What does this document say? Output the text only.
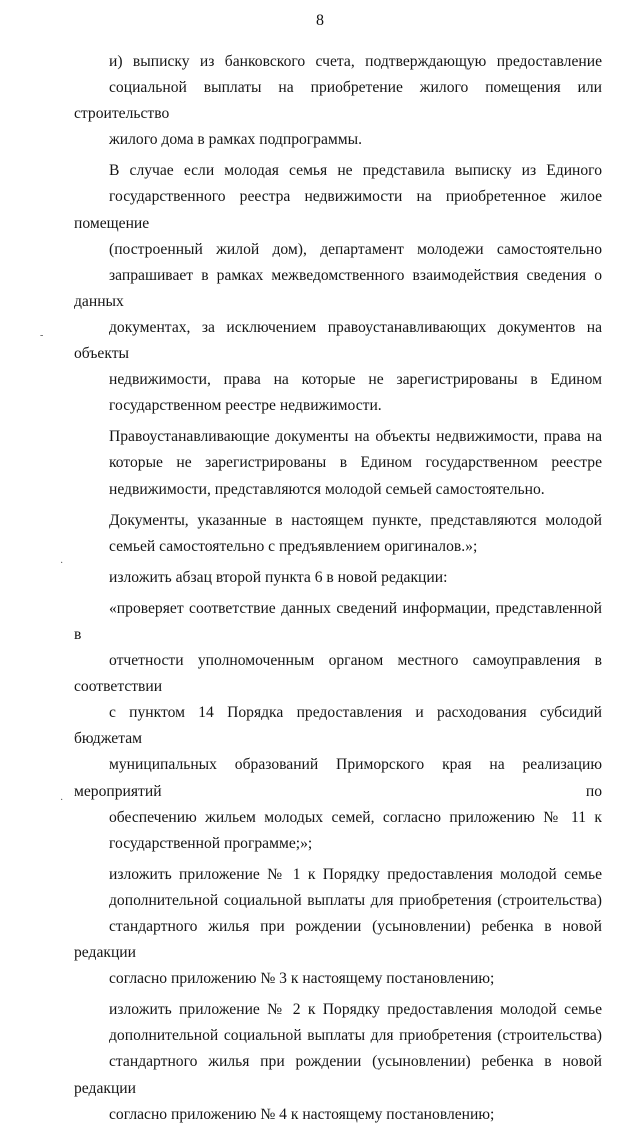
8

и) выписку из банковского счета, подтверждающую предоставление
социальной выплаты на приобретение жилого помещения или строительство
жилого дома в рамках подпрограммы.

В случае если молодая семья не представила выписку из Единого
государственного реестра недвижимости на приобретенное жилое помещение
(построенный жилой дом), департамент молодежи самостоятельно
запрашивает в рамках межведомственного взаимодействия сведения о данных
документах, за исключением правоустанавливающих документов на объекты
недвижимости, права на которые не зарегистрированы в Едином
государственном реестре недвижимости.

Правоустанавливающие документы на объекты недвижимости, права на
которые не зарегистрированы в Едином государственном реестре
недвижимости, представляются молодой семьей самостоятельно.

Документы, указанные в настоящем пункте, представляются молодой
семьей самостоятельно с предъявлением оригиналов.»;

изложить абзац второй пункта 6 в новой редакции:

«проверяет соответствие данных сведений информации, представленной в
отчетности уполномоченным органом местного самоуправления в соответствии
с пунктом 14 Порядка предоставления и расходования субсидий бюджетам
муниципальных образований Приморского края на реализацию мероприятий по
обеспечению жильем молодых семей, согласно приложению № 11 к
государственной программе;»;

изложить приложение № 1 к Порядку предоставления молодой семье
дополнительной социальной выплаты для приобретения (строительства)
стандартного жилья при рождении (усыновлении) ребенка в новой редакции
согласно приложению № 3 к настоящему постановлению;

изложить приложение № 2 к Порядку предоставления молодой семье
дополнительной социальной выплаты для приобретения (строительства)
стандартного жилья при рождении (усыновлении) ребенка в новой редакции
согласно приложению № 4 к настоящему постановлению;

-
·
·
